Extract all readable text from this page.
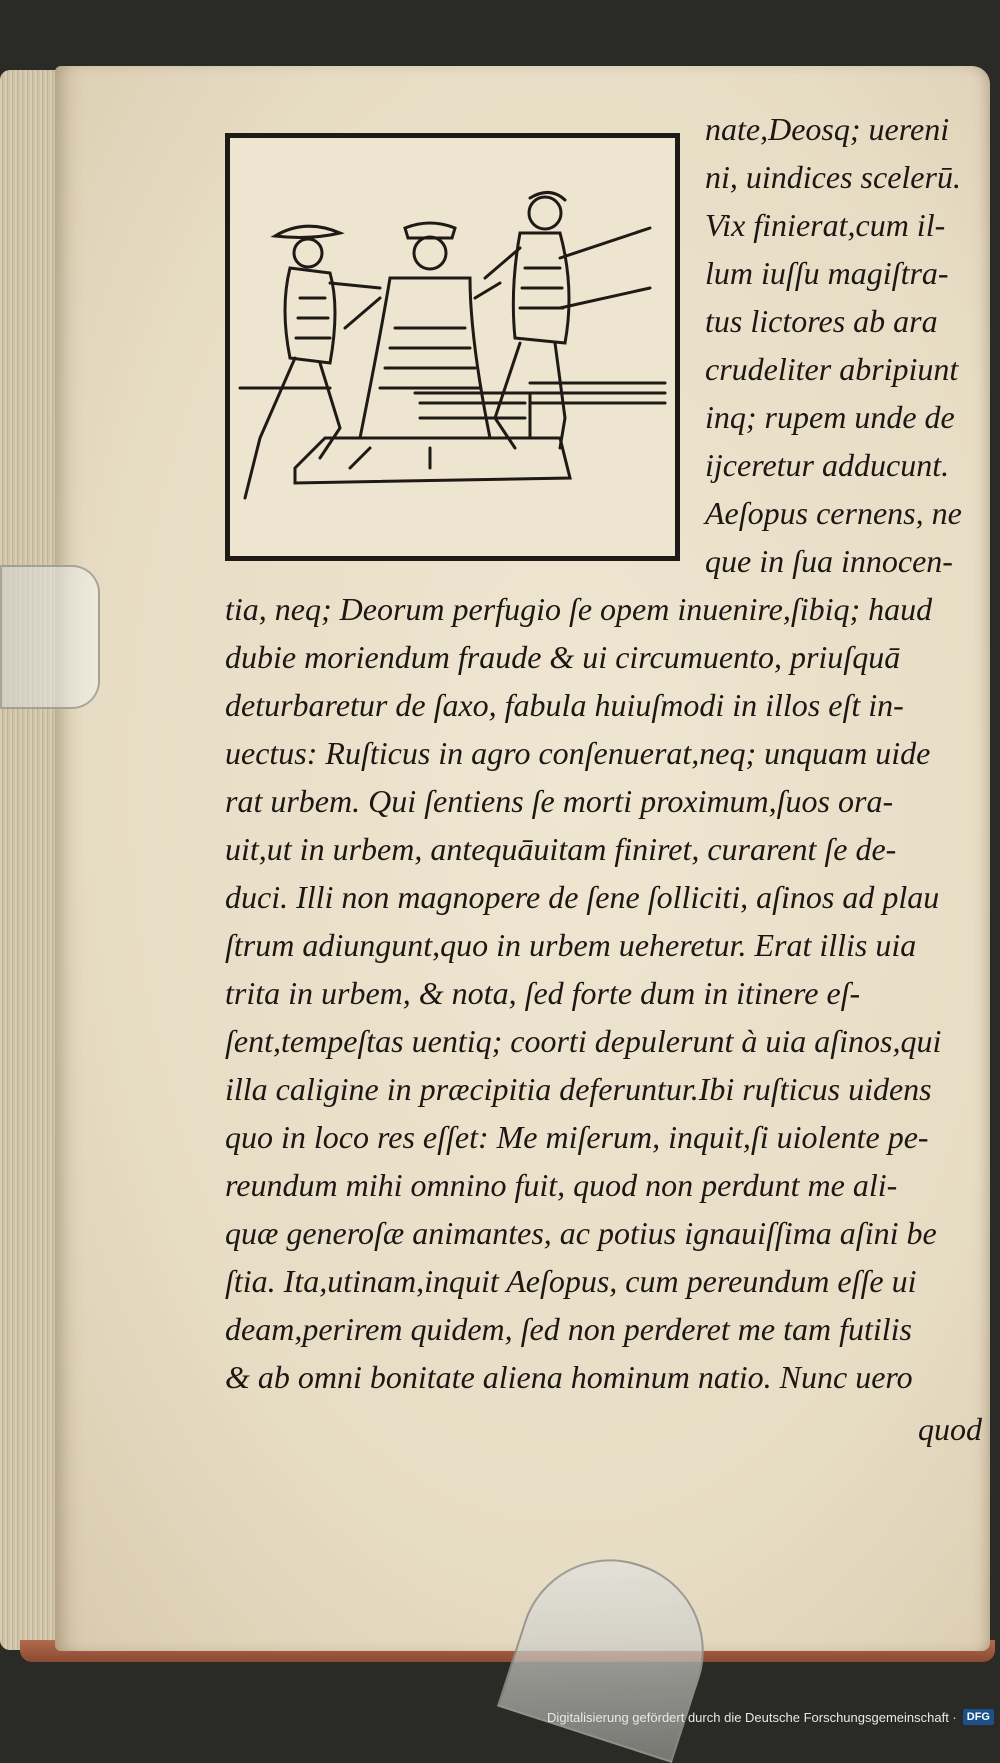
nate,Deosq; uereni
ni, uindices scelerū.
Vix finierat,cum il-
lum iuſſu magiſtra-
tus lictores ab ara
crudeliter abripiunt
inq; rupem unde de
ijceretur adducunt.
Aeſopus cernens, ne
que in ſua innocen-
tia, neq; Deorum perfugio ſe opem inuenire,ſibiq; haud
dubie moriendum fraude & ui circumuento, priuſquā
deturbaretur de ſaxo, fabula huiuſmodi in illos eſt in-
uectus: Ruſticus in agro conſenuerat,neq; unquam uide
rat urbem. Qui ſentiens ſe morti proximum,ſuos ora-
uit,ut in urbem, antequāuitam finiret, curarent ſe de-
duci. Illi non magnopere de ſene ſolliciti, aſinos ad plau
ſtrum adiungunt,quo in urbem ueheretur. Erat illis uia
trita in urbem, & nota, ſed forte dum in itinere eſ-
ſent,tempeſtas uentiq; coorti depulerunt à uia aſinos,qui
illa caligine in præcipitia deferuntur.Ibi ruſticus uidens
quo in loco res eſſet: Me miſerum, inquit,ſi uiolente pe-
reundum mihi omnino fuit, quod non perdunt me ali-
quæ generoſæ animantes, ac potius ignauiſſima aſini be
ſtia. Ita,utinam,inquit Aeſopus, cum pereundum eſſe ui
deam,perirem quidem, ſed non perderet me tam futilis
& ab omni bonitate aliena hominum natio. Nunc uero
quod
Digitalisierung gefördert durch die Deutsche Forschungsgemeinschaft · DFG
